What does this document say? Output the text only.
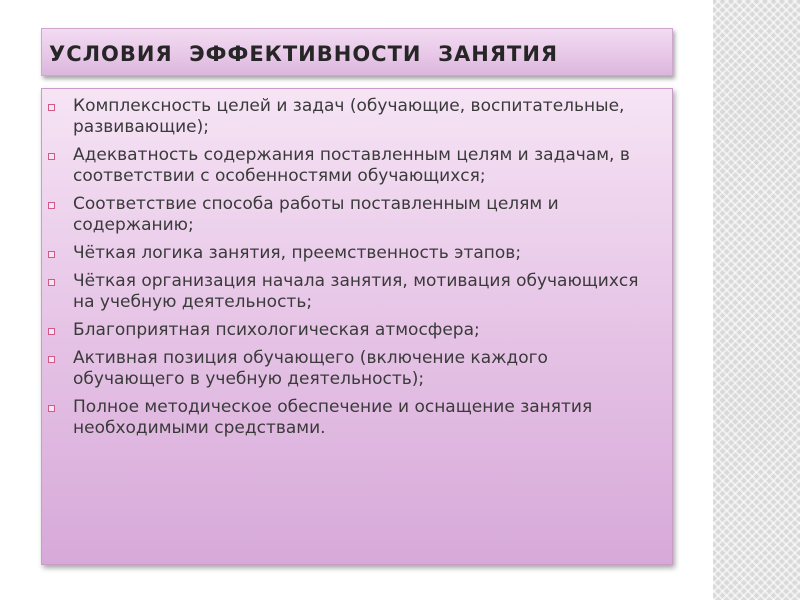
УСЛОВИЯ  ЭФФЕКТИВНОСТИ  ЗАНЯТИЯ
Комплексность целей и задач (обучающие, воспитательные, развивающие);
Адекватность содержания поставленным целям и задачам, в соответствии с особенностями обучающихся;
Соответствие способа работы поставленным целям и содержанию;
Чёткая логика занятия, преемственность этапов;
Чёткая организация начала занятия, мотивация обучающихся на учебную деятельность;
Благоприятная психологическая атмосфера;
Активная позиция обучающего (включение каждого обучающего в учебную деятельность);
Полное методическое обеспечение и оснащение занятия необходимыми средствами.
